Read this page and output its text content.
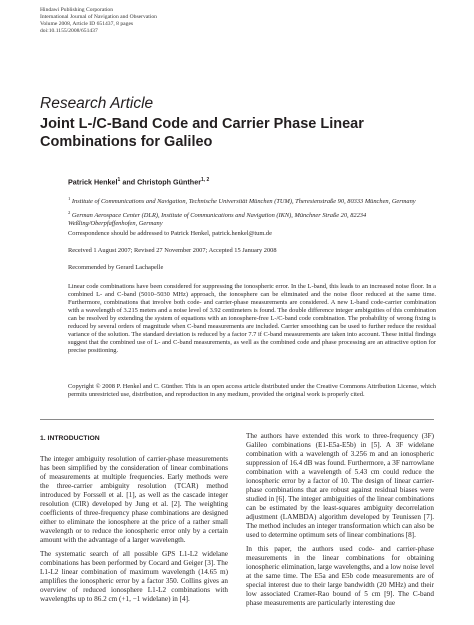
Hindawi Publishing Corporation
International Journal of Navigation and Observation
Volume 2008, Article ID 651437, 8 pages
doi:10.1155/2008/651437
Research Article
Joint L-/C-Band Code and Carrier Phase Linear Combinations for Galileo
Patrick Henkel$^1$ and Christoph Günther$^{1, 2}$
$^1$ Institute of Communications and Navigation, Technische Universität München (TUM), Theresienstraße 90, 80333 München, Germany
$^2$ German Aerospace Center (DLR), Institute of Communications and Navigation (IKN), Münchner Straße 20, 82234 Weßling/Oberpfaffenhofen, Germany
Correspondence should be addressed to Patrick Henkel, patrick.henkel@tum.de
Received 1 August 2007; Revised 27 November 2007; Accepted 15 January 2008
Recommended by Gerard Lachapelle
Linear code combinations have been considered for suppressing the ionospheric error. In the L-band, this leads to an increased noise floor. In a combined L- and C-band (5010–5030 MHz) approach, the ionosphere can be eliminated and the noise floor reduced at the same time. Furthermore, combinations that involve both code- and carrier-phase measurements are considered. A new L-band code-carrier combination with a wavelength of 3.215 meters and a noise level of 3.92 centimeters is found. The double difference integer ambiguities of this combination can be resolved by extending the system of equations with an ionosphere-free L-/C-band code combination. The probability of wrong fixing is reduced by several orders of magnitude when C-band measurements are included. Carrier smoothing can be used to further reduce the residual variance of the solution. The standard deviation is reduced by a factor 7.7 if C-band measurements are taken into account. These initial findings suggest that the combined use of L- and C-band measurements, as well as the combined code and phase processing are an attractive option for precise positioning.
Copyright © 2008 P. Henkel and C. Günther. This is an open access article distributed under the Creative Commons Attribution License, which permits unrestricted use, distribution, and reproduction in any medium, provided the original work is properly cited.
1. INTRODUCTION

The integer ambiguity resolution of carrier-phase measurements has been simplified by the consideration of linear combinations of measurements at multiple frequencies. Early methods were the three-carrier ambiguity resolution (TCAR) method introduced by Forssell et al. [1], as well as the cascade integer resolution (CIR) developed by Jung et al. [2]. The weighting coefficients of three-frequency phase combinations are designed either to eliminate the ionosphere at the price of a rather small wavelength or to reduce the ionospheric error only by a certain amount with the advantage of a larger wavelength.

The systematic search of all possible GPS L1-L2 widelane combinations has been performed by Cocard and Geiger [3]. The L1-L2 linear combination of maximum wavelength (14.65 m) amplifies the ionospheric error by a factor 350. Collins gives an overview of reduced ionosphere L1-L2 combinations with wavelengths up to 86.2 cm (+1, −1 widelane) in [4].

The authors have extended this work to three-frequency (3F) Galileo combinations (E1-E5a-E5b) in [5]. A 3F widelane combination with a wavelength of 3.256 m and an ionospheric suppression of 16.4 dB was found. Furthermore, a 3F narrowlane combination with a wavelength of 5.43 cm could reduce the ionospheric error by a factor of 10. The design of linear carrier-phase combinations that are robust against residual biases were studied in [6]. The integer ambiguities of the linear combinations can be estimated by the least-squares ambiguity decorrelation adjustment (LAMBDA) algorithm developed by Teunissen [7]. The method includes an integer transformation which can also be used to determine optimum sets of linear combinations [8].

In this paper, the authors used code- and carrier-phase measurements in the linear combinations for obtaining ionospheric elimination, large wavelengths, and a low noise level at the same time. The E5a and E5b code measurements are of special interest due to their large bandwidth (20 MHz) and their low associated Cramer-Rao bound of 5 cm [9]. The C-band phase measurements are particularly interesting due
